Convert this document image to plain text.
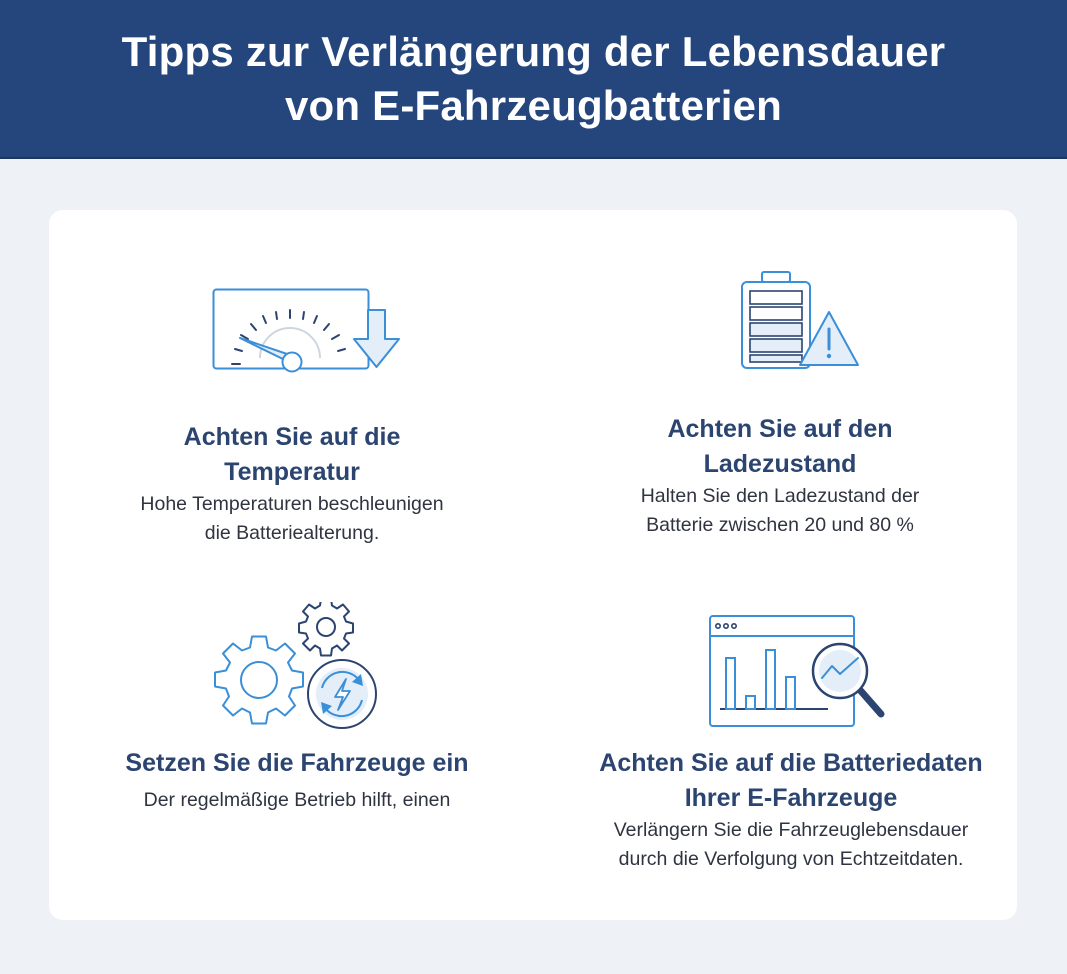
Tipps zur Verlängerung der Lebensdauer
von E-Fahrzeugbatterien
Achten Sie auf die
Temperatur
Hohe Temperaturen beschleunigen
die Batteriealterung.
Achten Sie auf den
Ladezustand
Halten Sie den Ladezustand der
Batterie zwischen 20 und 80 %
Setzen Sie die Fahrzeuge ein
Der regelmäßige Betrieb hilft, einen
Achten Sie auf die Batteriedaten
Ihrer E-Fahrzeuge
Verlängern Sie die Fahrzeuglebensdauer
durch die Verfolgung von Echtzeitdaten.
